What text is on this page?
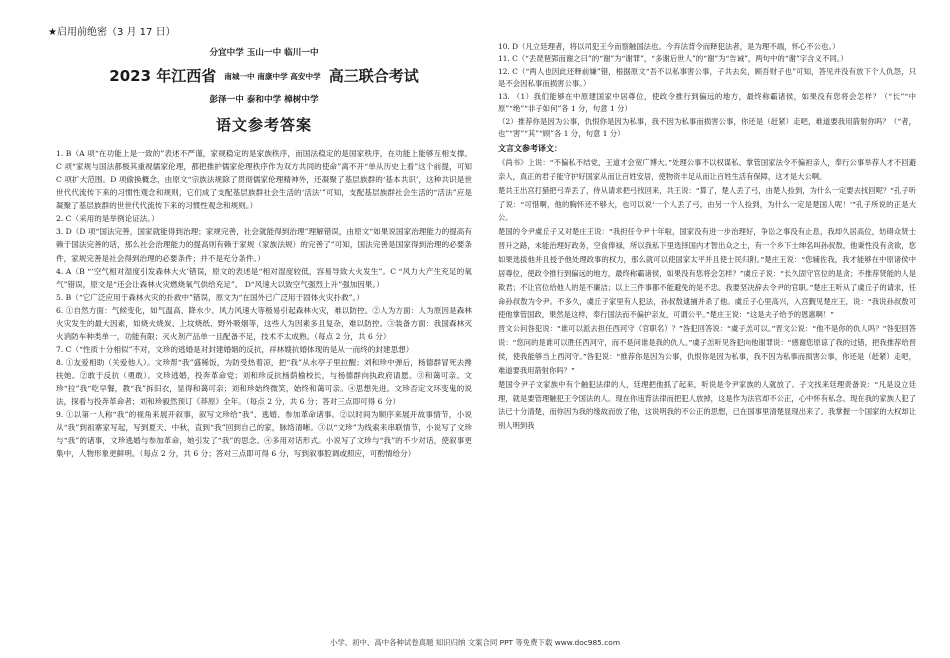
★启用前绝密（3 月 17 日）
分宜中学 玉山一中 临川一中
2023 年江西省 南城一中 南康中学 高安中学 高三联合考试
彭泽一中 泰和中学 樟树中学
语文参考答案

1. B（A 项“在功能上是一致的”表述不严谨，家规稳定的是家族秩序，而国法稳定的是国家秩序，在功能上能够互相支撑。C 项“家规与国法都极其重视儒家伦理，都把推护儒家伦理秩序作为双方共同的使命”离不开“单从历史上看”这个前提，可知 C 项扩大范围。D 项偷换概念，由原文“宗族法规除了贯彻儒家伦理精神外，还凝聚了基层族群的‘基本共识’，这种共识是世世代代流传下来的习惯性观念和规则，它们成了支配基层族群社会生活的‘活法’”可知，支配基层族群社会生活的“活法”应是凝聚了基层族群的世世代代流传下来的习惯性观念和规则。）

2. C（采用的是举例论证法。）

3. D（D 项“国法完善，国家就能得到治理；家规完善，社会就能得到治理”理解错误，由原文“如果说国家治理能力的提高有赖于国法完善的话，那么社会治理能力的提高则有赖于家规（家族法规）的完善了”可知，国法完善是国家得到治理的必要条件，家规完善是社会得到治理的必要条件；并不是充分条件。）

4. A（B “‘空气相对湿度引发森林大火’错误，原文的表述是“相对湿度较低，容易导致大火发生”。C “风力大产生充足的氧气”错误，原文是“还会让森林火灾燃烧氧气供给充足”。 D“风速大以致空气强烈上升”强加因果。）

5. B（“它广泛应用于森林火灾的扑救中”错误，原文为“在国外已广泛用于固体火灾扑救”。）

6. ①自然方面：气候变化，如气温高、降水少、风力风速大等极易引起森林火灾，难以防控。②人为方面：人为原因是森林火灾发生的最大因素，如烧火烧炭、上坟烧纸、野外吸烟等，这些人为因素多且复杂，难以防控。③装备方面：我国森林灭火消防车种类单一，功能有限；灭火剂产品单一且配备不足，技术不太成熟。（每点 2 分，共 6 分）

7. C（“性质十分相似”不对，文珍的逃婚是对封建婚姻的反抗，祥林嫂抗婚体现的是从一而终的封建思想）

8. ①友爱相助（关爱他人）。文珍帮“我”盛稀饭，为防受热着凉，把“我”从水亭子里拉醒；刘和珍中弹后，杨德群冒死去搀扶她。②敢于反抗（勇敢）。文珍逃婚，投奔革命党；刘和珍反抗杨荫榆校长，与杨德群向执政府请愿。③和蔼可亲。文珍“拉”我“吃早餐，教“我”拆旧衣，显得和蔼可亲；刘和珍始终微笑，始终和蔼可亲。④思想先进。文珍否定文环变鬼的说法，探看与投奔革命者；刘和珍毅然预订《莽原》全年。（每点 2 分，共 6 分；答对三点即可得 6 分）

9. ①以第一人称“我”的视角来展开叙事，叙写文珍给“我”、逃婚、参加革命诸事。②以时间为顺序来展开故事情节，小说从“我”到祖寨家写起，写到夏天、中秋，直到“我”回到自己的家，脉络清晰。③以“文珍”为线索来串联情节，小说写了文珍与“我”的诸事，文珍逃婚与参加革命，她引发了“我”的思念。④多用对话形式。小说写了文珍与“我”的不少对话，使叙事更集中，人物形象更鲜明。（每点 2 分，共 6 分；答对三点即可得 6 分，写到叙事腔调或照应，可酌情给分）

10. D（凡立廷理者，将以司犯王今而察触国法也。今弃法背令而释犯法者，是为理不端，怀心不公也。）

11. C（“丢琵琶郢而谢之曰”的“谢”为“谢罪”，“多谢后世人”的“谢”为“告诫”，两句中的“谢”字含义不同。）

12. C（“两人也因此还释前嫌”错，根据原文“吾不以私事害公事，子共去矣，顾吾财子也”可知，答见并没有放下个人仇怨，只是不会因私事而损害公事。）

13. （1）我们能够在中原建国家中居尊位，使政令推行到偏远的地方，最终称霸诸侯，如果没有您将会怎样？（“长”“中原”“绝”“非子如何”各 1 分，句意 1 分）

（2）推荐你是因为公事，仇恨你是因为私事，我不因为私事而损害公事，你还是（赶紧）走吧，难道要我用箭射你吗？（“者，也”“害”“其”“顾”各 1 分，句意 1 分）

文言文参考译文：

《尚书》上说：“不偏私不结党，王道才会宽广博大。”处理公事不以权谋私、掌管国家法令不偏袒亲人，奉行公事举荐人才不回避亲人，真正的君子能守护好国家从而让百姓安居，使物资丰足从而让百姓生活有保障，这才是大公啊。

楚共王出宫打猎把弓弄丢了，侍从请求把弓找回来，共王说：“算了，楚人丢了弓，由楚人捡到，为什么一定要去找回呢？”孔子听了说：“可惜啊，他的胸怀还不够大，也可以说‘一个人丢了弓，由另一个人捡到，为什么一定是楚国人呢！’”孔子所说的正是大公。

楚国的令尹虞丘子又对楚庄王说：“我担任令尹十年啦，国家没有进一步治理好，争讼之事没有止息，我却久居高位，妨碍众贤士晋升之路，未能治理好政务，空食俸禄，所以我私下里选择国内才智出众之士，有一个乡下士绅名叫孙叔敖，他秉性没有贪欲，您如果选拔他并且授予他处理政事的权力，那么就可以使国家太平并且使士民归附。”楚庄王说：“您辅佐我，我才能够在中原诸侯中居尊位，使政令推行到偏远的地方，最终称霸诸侯，如果没有您将会怎样？”虞丘子说：“长久固守官位的是贪；不推荐贤能的人是欺君；不让官位给他人的是不廉洁；以上三件事都不能避免的是不忠。我要坚决辞去令尹的官职。”楚庄王听从了虞丘子的请求，任命孙叔敖为令尹。不多久，虞丘子家里有人犯法，孙叔敖逮捕并杀了他。虞丘子心里高兴，入宫觐见楚庄王，说：“我说孙叔敖可使他掌管国政，果然是这样，奉行国法而不偏护亲友，可谓公平。”楚庄王说：“这是夫子给予的恩惠啊！”

晋文公问咎犯说：“谁可以派去担任西河守（官职名）？”咎犯回答说：“虞子羔可以。”晋文公说：“他不是你的仇人吗？”咎犯回答说：“您问的是谁可以胜任西河守，而不是问谁是我的仇人。”虞子羔听见咎犯向他谢罪说：“感谢您原谅了我的过错，把我推荐给晋侯，使我能够当上西河守。”咎犯说：“推荐你是因为公事，仇恨你是因为私事，我不因为私事而损害公事，你还是（赶紧）走吧，难道要我用箭射你吗？”

楚国令尹子文家族中有个触犯法律的人，廷理把他抓了起来，听说是令尹家族的人就放了。子文找来廷理责备说：“凡是设立廷理，就是要管理触犯王令国法的人。现在你违背法律而把犯人放掉，这是作为法官却不公正，心中怀有私念。现在我的家族人犯了法已十分清楚，而你因为我的缘故而放了他，这说明我的不公正的思想，已在国事里清楚显现出来了。我掌握一个国家的大权却让别人明到我

小学、初中、高中各种试卷真题 知识归纳 文案合同 PPT 等免费下载 www.doc985.com
